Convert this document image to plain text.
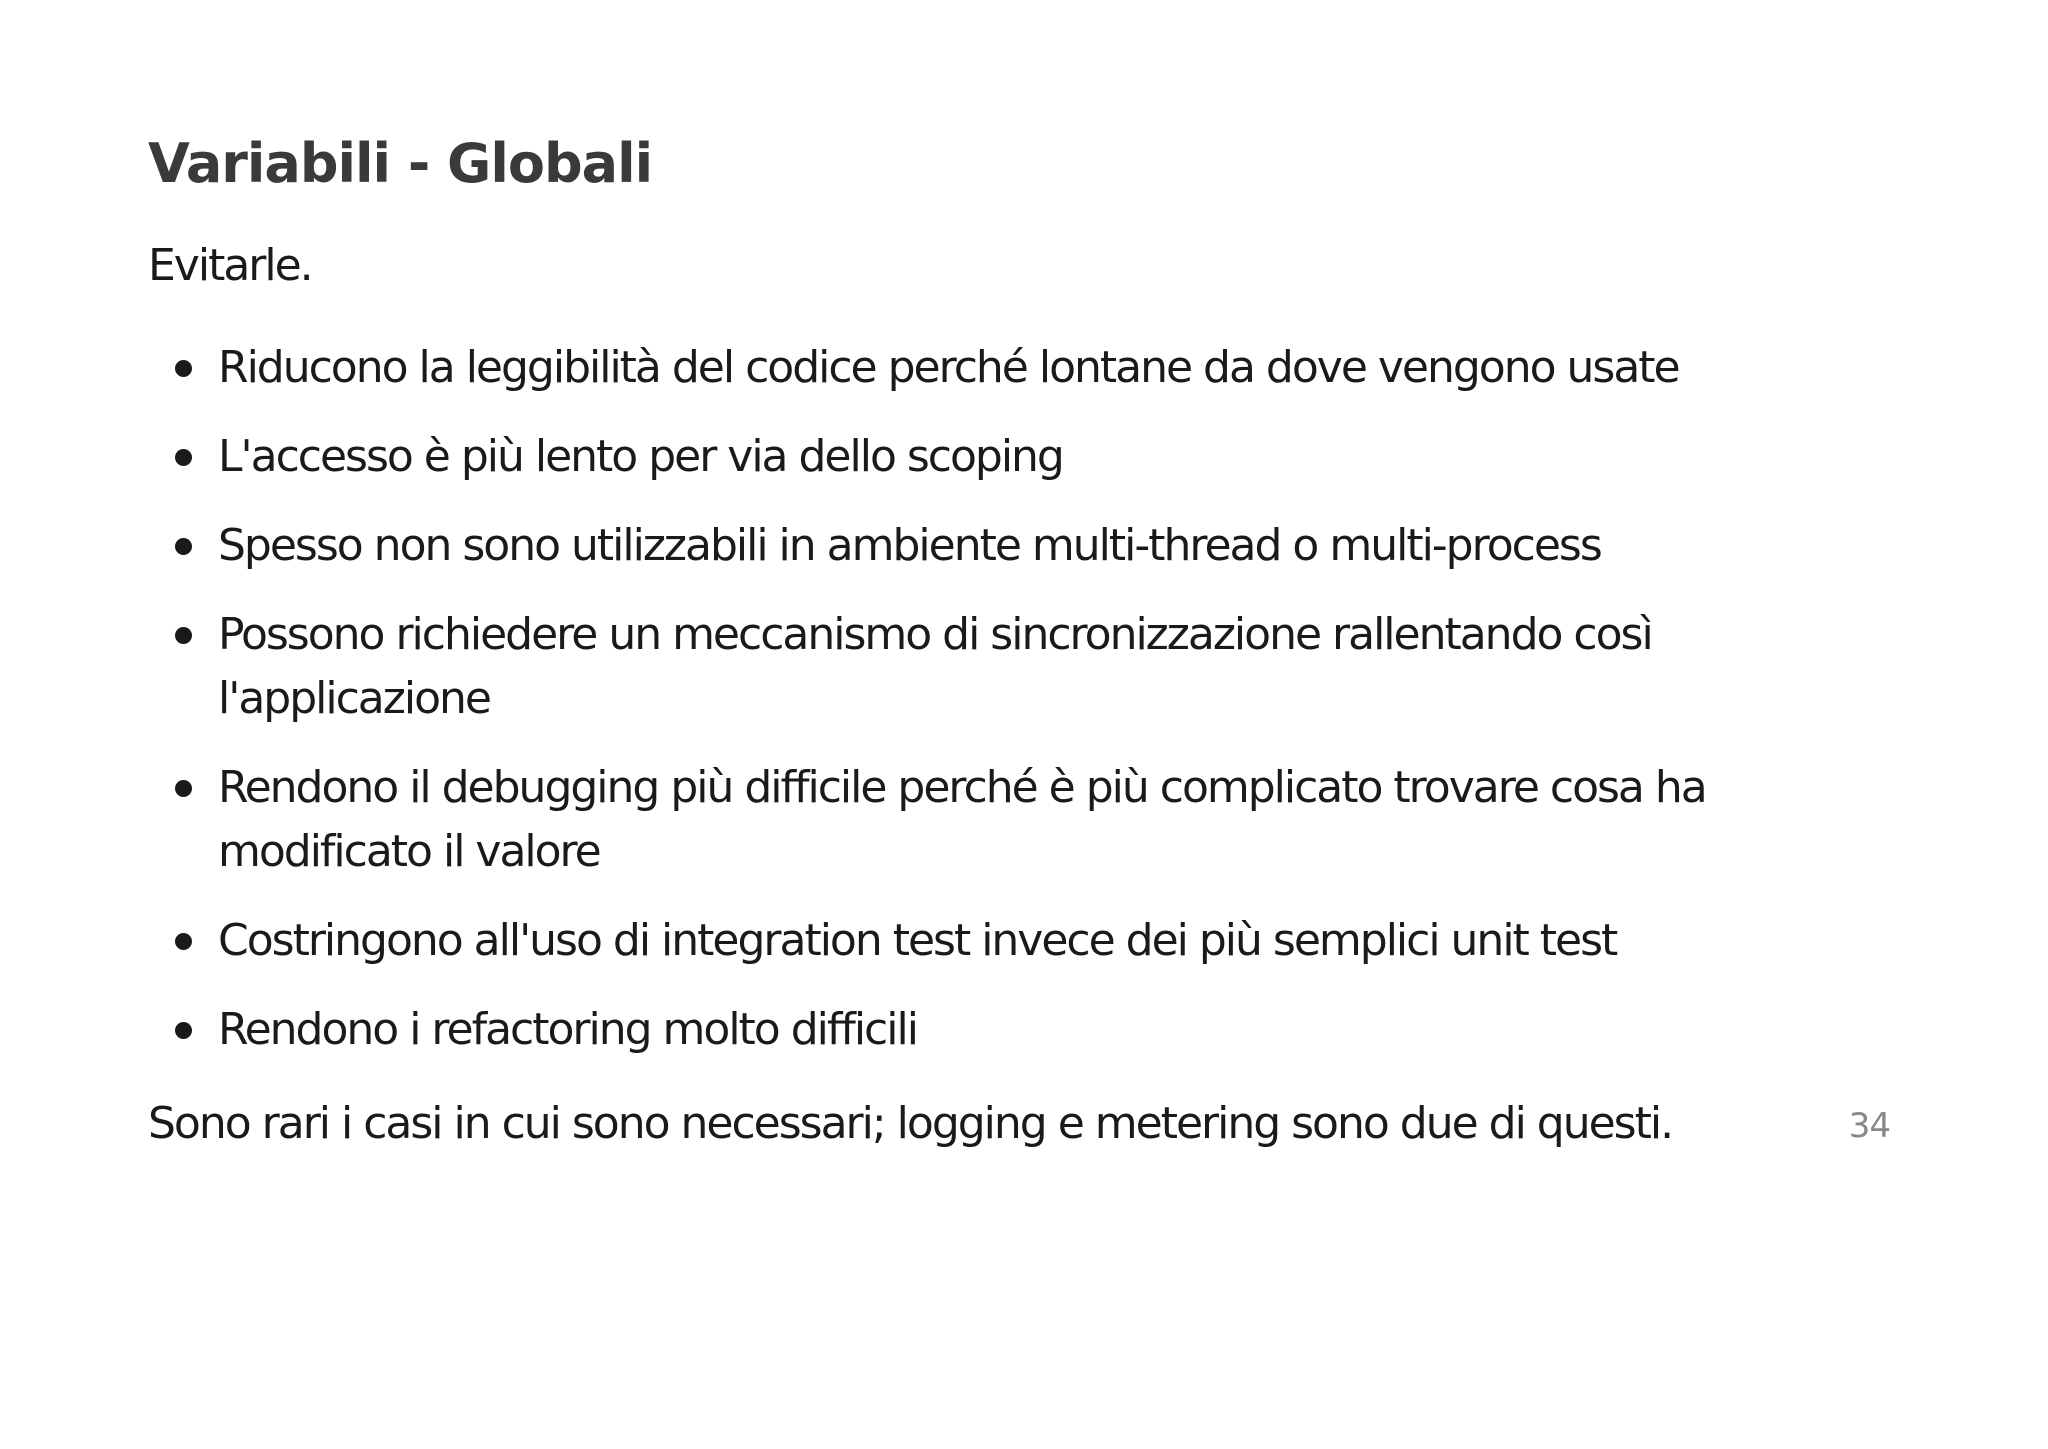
Variabili - Globali

Evitarle.

Riducono la leggibilità del codice perché lontane da dove vengono usate
L'accesso è più lento per via dello scoping
Spesso non sono utilizzabili in ambiente multi-thread o multi-process
Possono richiedere un meccanismo di sincronizzazione rallentando così
l'applicazione
Rendono il debugging più difficile perché è più complicato trovare cosa ha
modificato il valore
Costringono all'uso di integration test invece dei più semplici unit test
Rendono i refactoring molto difficili

Sono rari i casi in cui sono necessari; logging e metering sono due di questi.	34
